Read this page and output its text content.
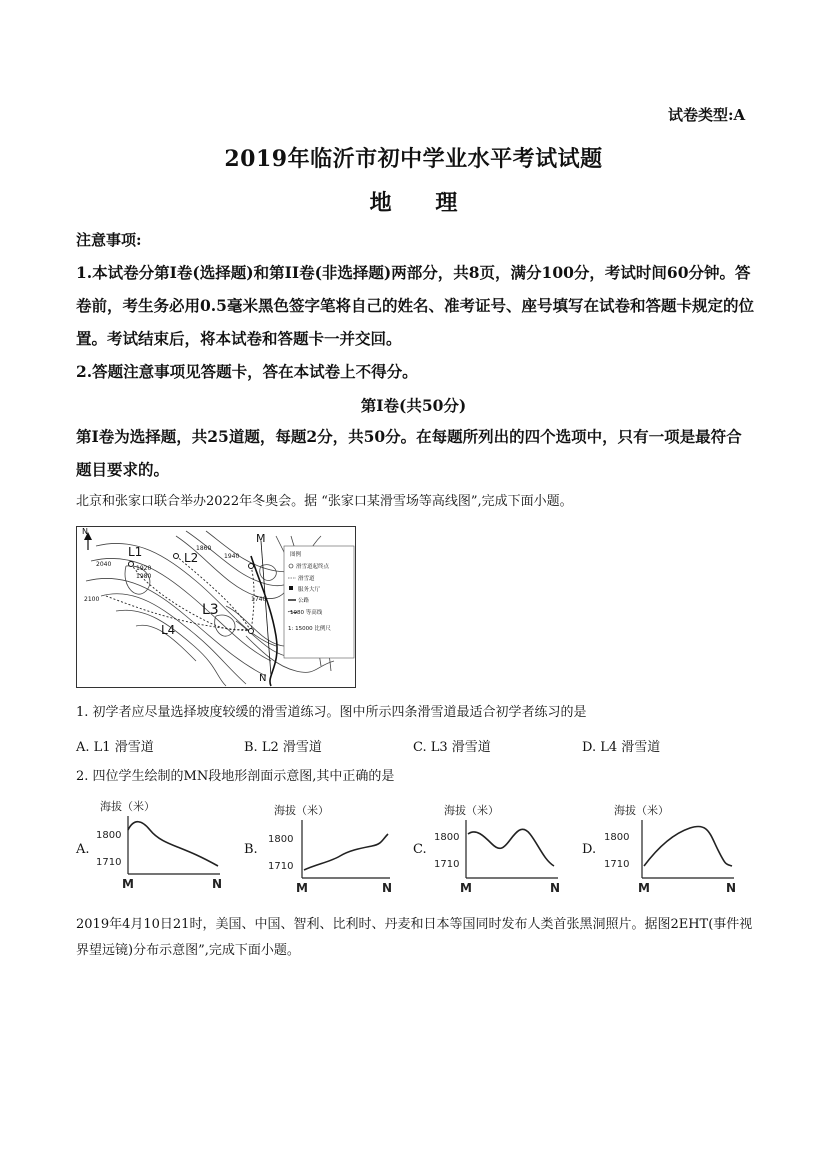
试卷类型:A
2019年临沂市初中学业水平考试试题
地 理
注意事项:
1.本试卷分第I卷(选择题)和第II卷(非选择题)两部分，共8页，满分100分，考试时间60分钟。答卷前，考生务必用0.5毫米黑色签字笔将自己的姓名、准考证号、座号填写在试卷和答题卡规定的位置。考试结束后，将本试卷和答题卡一并交回。
2.答题注意事项见答题卡，答在本试卷上不得分。
第I卷(共50分)
第I卷为选择题，共25道题，每题2分，共50分。在每题所列出的四个选项中，只有一项是最符合题目要求的。
北京和张家口联合举办2022年冬奥会。据 “张家口某滑雪场等高线图”,完成下面小题。
N
M
N
L1	L2
L3
L4
1860
1920
1940
1980
2040
2100	1740
图例
滑雪道起终点
滑雪道
服务大厅
公路
1980 等高线
1: 15000 比例尺
1. 初学者应尽量选择坡度较缓的滑雪道练习。图中所示四条滑雪道最适合初学者练习的是
A. L1 滑雪道	B. L2 滑雪道	C. L3 滑雪道	D. L4 滑雪道
2. 四位学生绘制的MN段地形剖面示意图,其中正确的是
A.	B.	C.	D.
海拔（米）
1800
1710
M	N
海拔（米）
1800
1710
M	N
海拔（米）
1800
1710
M	N
海拔（米）
1800
1710
M	N
2019年4月10日21时，美国、中国、智利、比利时、丹麦和日本等国同时发布人类首张黑洞照片。据图2EHT(事件视界望远镜)分布示意图”,完成下面小题。
